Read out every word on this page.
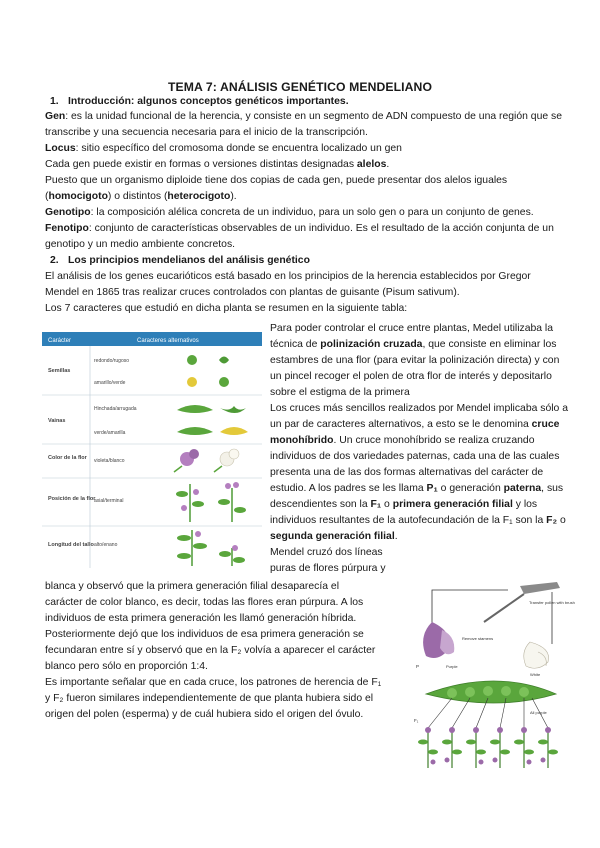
TEMA 7: ANÁLISIS GENÉTICO MENDELIANO
1. Introducción: algunos conceptos genéticos importantes.
Gen: es la unidad funcional de la herencia, y consiste en un segmento de ADN compuesto de una región que se
transcribe y una secuencia necesaria para el inicio de la transcripción.
Locus: sitio específico del cromosoma donde se encuentra localizado un gen
Cada gen puede existir en formas o versiones distintas designadas alelos.
Puesto que un organismo diploide tiene dos copias de cada gen, puede presentar dos alelos iguales
(homocigoto) o distintos (heterocigoto).
Genotipo: la composición alélica concreta de un individuo, para un solo gen o para un conjunto de genes.
Fenotipo: conjunto de características observables de un individuo. Es el resultado de la acción conjunta de un
genotipo y un medio ambiente concretos.
2. Los principios mendelianos del análisis genético
El análisis de los genes eucarióticos está basado en los principios de la herencia establecidos por Gregor
Mendel en 1865 tras realizar cruces controlados con plantas de guisante (Pisum sativum).
Los 7 caracteres que estudió en dicha planta se resumen en la siguiente tabla:
Para poder controlar el cruce entre plantas, Medel utilizaba la
técnica de polinización cruzada, que consiste en eliminar los
estambres de una flor (para evitar la polinización directa) y con
un pincel recoger el polen de otra flor de interés y depositarlo
sobre el estigma de la primera
Los cruces más sencillos realizados por Mendel implicaba sólo a
un par de caracteres alternativos, a esto se le denomina cruce
monohíbrido. Un cruce monohíbrido se realiza cruzando
individuos de dos variedades paternas, cada una de las cuales
presenta una de las dos formas alternativas del carácter de
estudio. A los padres se les llama P₁ o generación paterna, sus
descendientes son la F₁ o primera generación filial y los
individuos resultantes de la autofecundación de la F₁ son la F₂ o
segunda generación filial.
Mendel cruzó dos líneas
puras de flores púrpura y
blanca y observó que la primera generación filial desaparecía el
carácter de color blanco, es decir, todas las flores eran púrpura. A los
individuos de esta primera generación les llamó generación híbrida.
Posteriormente dejó que los individuos de esa primera generación se
fecundaran entre sí y observó que en la F₂ volvía a aparecer el carácter
blanco pero sólo en proporción 1:4.
Es importante señalar que en cada cruce, los patrones de herencia de F₁
y F₂ fueron similares independientemente de que planta hubiera sido el
origen del polen (esperma) y de cuál hubiera sido el origen del óvulo.
Carácter	Caracteres alternativos
Semillas
redondo/rugoso
amarillo/verde
Vainas
Hinchada/arrugada
verde/amarilla
Color de la flor violeta/blanco
Posición de la flor
axial/terminal
Longitud del tallo alto/enano
Transfer pollen with brush
Remove stamens
P	Purple
White
F₁
All purple
